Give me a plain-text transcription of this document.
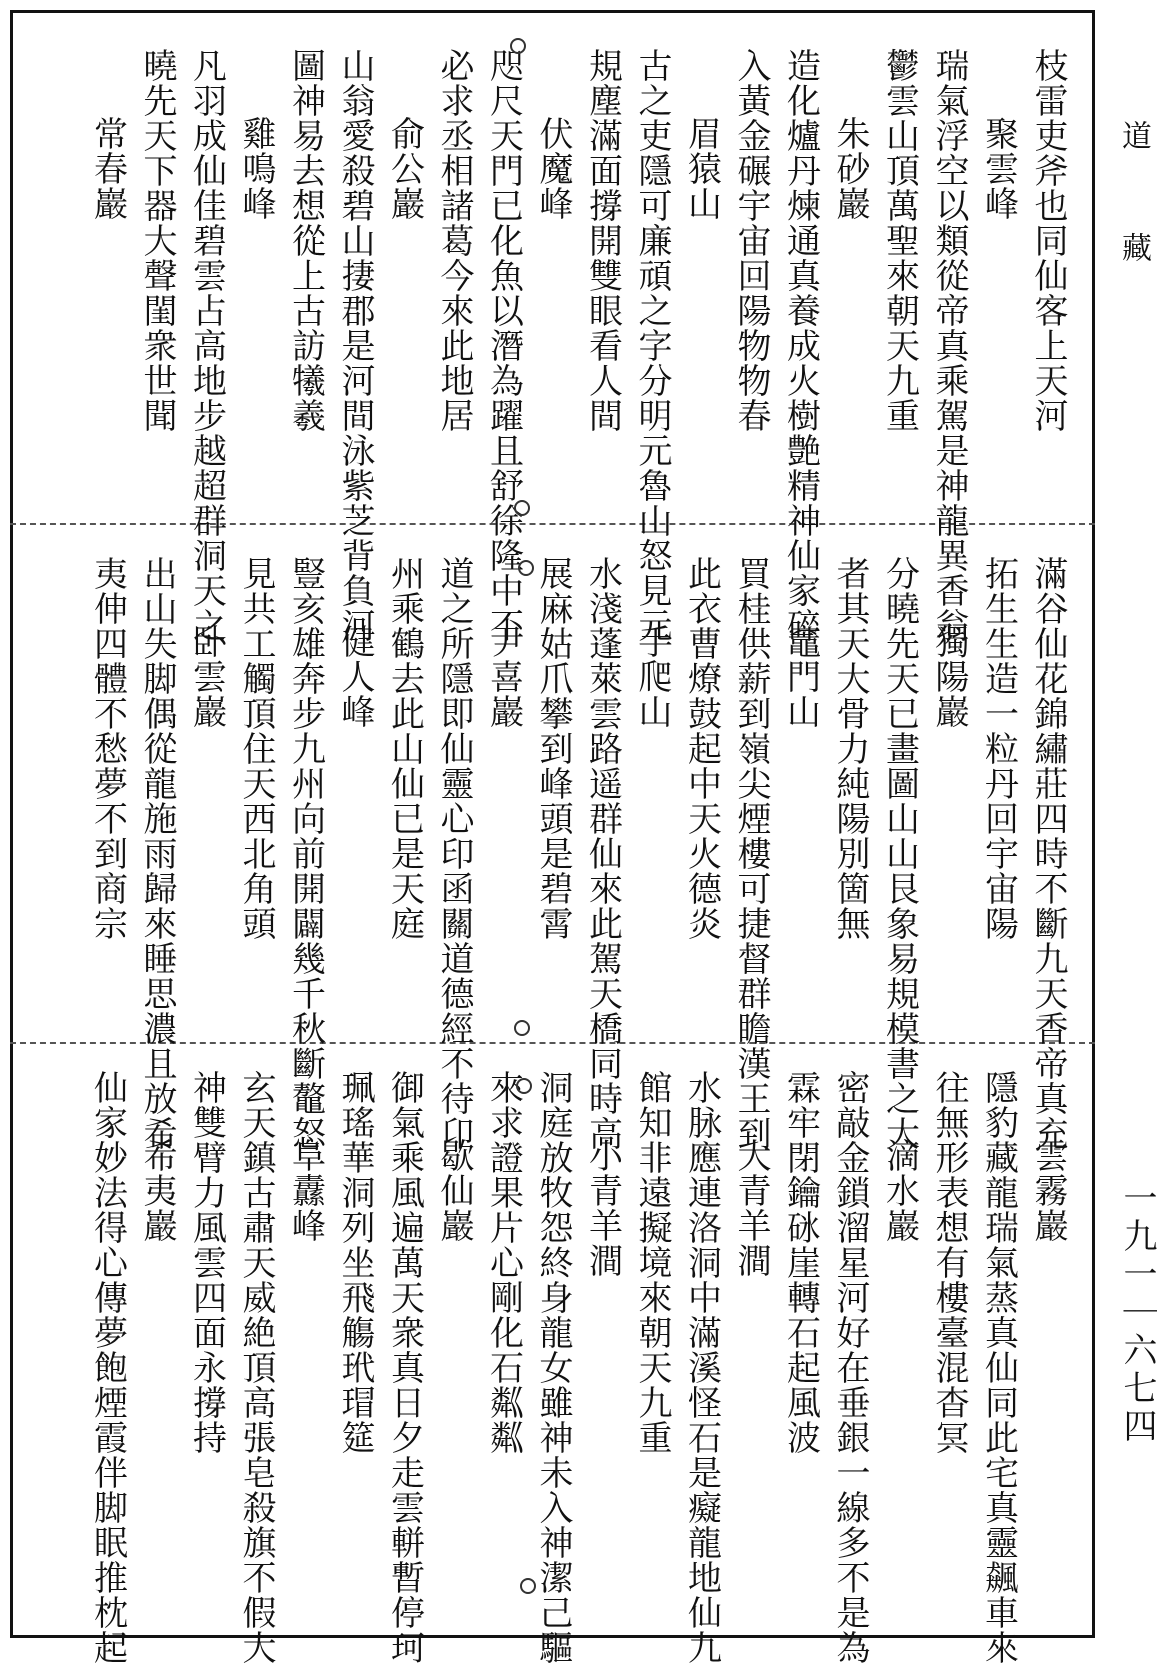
道
藏
一九一｜六七四
枝雷吏斧也同仙客上天河
聚雲峰
瑞氣浮空以類從帝真乘駕是神龍異香翁
鬱雲山頂萬聖來朝天九重
朱砂巖
造化爐丹煉通真養成火樹艶精神仙家碎
入黃金碾宇宙回陽物物春
眉猿山
古之吏隱可廉頑之字分明元魯山怒見元
規塵滿面撐開雙眼看人間
伏魔峰
咫尺天門已化魚以潛為躍且舒徐隆中不
必求丞相諸葛今來此地居
俞公巖
山翁愛殺碧山捿郡是河間泳紫芝背負河
圖神易去想從上古訪犧羲
雞鳴峰
凡羽成仙佳碧雲占高地步越超群洞天之
曉先天下器大聲閨衆世聞
常春巖
滿谷仙花錦繡莊四時不斷九天香帝真充
拓生生造一粒丹回宇宙陽
獨陽巖
分曉先天已畫圖山山艮象易規模書之大
者其天大骨力純陽別箇無
竈門山
買桂供薪到嶺尖煙樓可捷督群瞻漢王到
此衣曹燎鼓起中天火德炎
手爬山
水淺蓬萊雲路遥群仙來此駕天橋同時高
展麻姑爪攀到峰頭是碧霄
尹喜巖
道之所隱即仙靈心印函關道德經不待卬
州乘鶴去此山仙已是天庭
健人峰
豎亥雄奔步九州向前開闢幾千秋斷鼇怒
見共工觸頂住天西北角頭
卧雲巖
出山失脚偶從龍施雨歸來睡思濃且放希
夷伸四體不愁夢不到商宗
雲霧巖
隱豹藏龍瑞氣蒸真仙同此宅真靈飆車來
往無形表想有樓臺混杳冥
滴水巖
密敲金鎖溜星河好在垂銀一線多不是為
霖牢閉鑰砯崖轉石起風波
大青羊澗
水脉應連洛洞中滿溪怪石是癡龍地仙九
館知非遠擬境來朝天九重
小青羊澗
洞庭放牧怨終身龍女雖神未入神潔己驅
來求證果片心剛化石粼粼
歇仙巖
御氣乘風遍萬天衆真日夕走雲軿暫停珂
珮瑤華洞列坐飛觴玳瑁筵
阜纛峰
玄天鎮古肅天威絶頂高張皂殺旗不假大
神雙臂力風雲四面永撐持
希夷巖
仙家妙法得心傳夢飽煙霞伴脚眠推枕起
